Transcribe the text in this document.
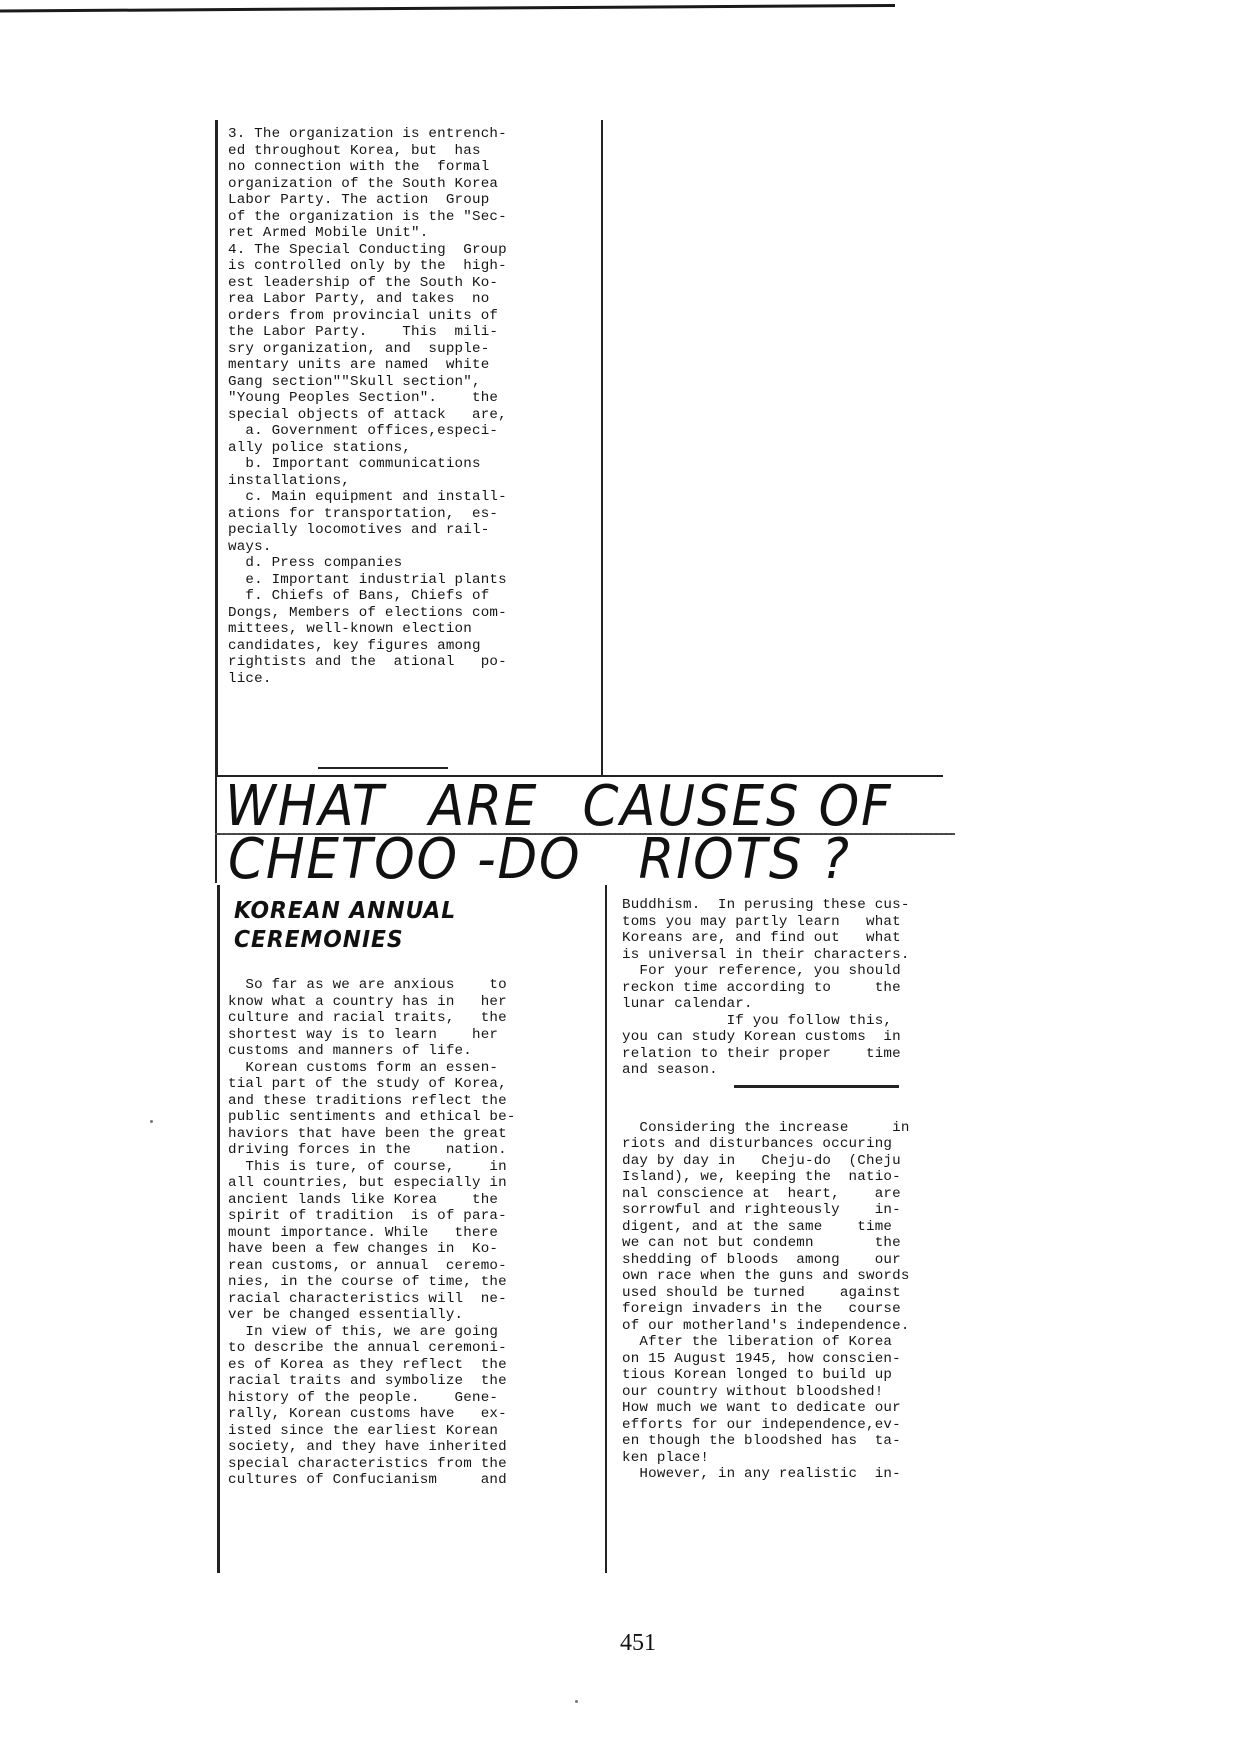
3. The organization is entrench-
ed throughout Korea, but  has
no connection with the  formal
organization of the South Korea
Labor Party. The action  Group
of the organization is the "Sec-
ret Armed Mobile Unit".
4. The Special Conducting  Group
is controlled only by the  high-
est leadership of the South Ko-
rea Labor Party, and takes  no
orders from provincial units of
the Labor Party.    This  mili-
sry organization, and  supple-
mentary units are named  white
Gang section""Skull section",
"Young Peoples Section".    the
special objects of attack   are,
a. Government offices,especi-
ally police stations,
b. Important communications
installations,
c. Main equipment and install-
ations for transportation,  es-
pecially locomotives and rail-
ways.
d. Press companies
e. Important industrial plants
f. Chiefs of Bans, Chiefs of
Dongs, Members of elections com-
mittees, well-known election
candidates, key figures among
rightists and the  ational   po-
lice.
WHAT ARE CAUSES OF
CHETOO -DO RIOTS ?
KOREAN ANNUAL
CEREMONIES
So far as we are anxious    to
know what a country has in   her
culture and racial traits,   the
shortest way is to learn    her
customs and manners of life.
Korean customs form an essen-
tial part of the study of Korea,
and these traditions reflect the
public sentiments and ethical be-
haviors that have been the great
driving forces in the    nation.
This is ture, of course,    in
all countries, but especially in
ancient lands like Korea    the
spirit of tradition  is of para-
mount importance. While   there
have been a few changes in  Ko-
rean customs, or annual  ceremo-
nies, in the course of time, the
racial characteristics will  ne-
ver be changed essentially.
In view of this, we are going
to describe the annual ceremoni-
es of Korea as they reflect  the
racial traits and symbolize  the
history of the people.    Gene-
rally, Korean customs have   ex-
isted since the earliest Korean
society, and they have inherited
special characteristics from the
cultures of Confucianism     and
Buddhism.  In perusing these cus-
toms you may partly learn   what
Koreans are, and find out   what
is universal in their characters.
For your reference, you should
reckon time according to     the
lunar calendar.
If you follow this,
you can study Korean customs  in
relation to their proper    time
and season.
Considering the increase     in
riots and disturbances occuring
day by day in   Cheju-do  (Cheju
Island), we, keeping the  natio-
nal conscience at  heart,    are
sorrowful and righteously    in-
digent, and at the same    time
we can not but condemn       the
shedding of bloods  among    our
own race when the guns and swords
used should be turned    against
foreign invaders in the   course
of our motherland's independence.
After the liberation of Korea
on 15 August 1945, how conscien-
tious Korean longed to build up
our country without bloodshed!
How much we want to dedicate our
efforts for our independence,ev-
en though the bloodshed has  ta-
ken place!
However, in any realistic  in-
451
